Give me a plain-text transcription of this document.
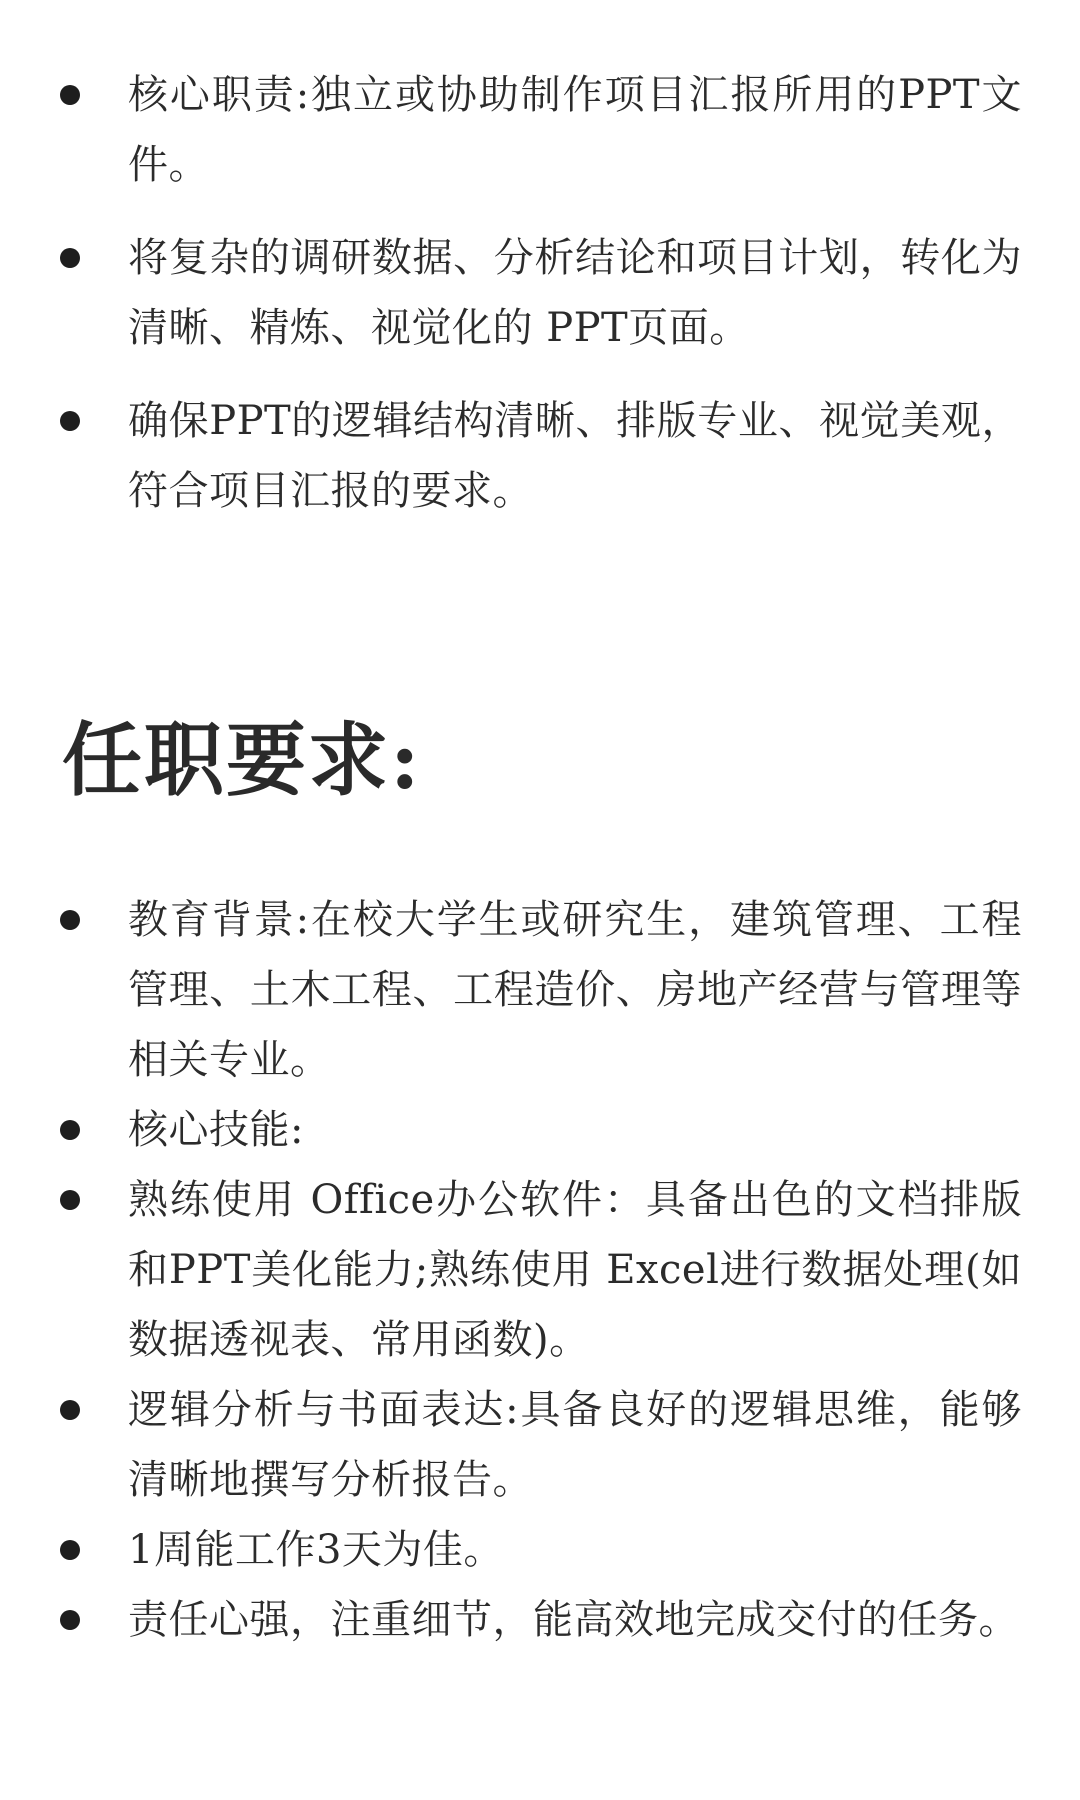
核心职责:独立或协助制作项目汇报所用的PPT文件。
将复杂的调研数据、分析结论和项目计划，转化为清晰、精炼、视觉化的 PPT页面。
确保PPT的逻辑结构清晰、排版专业、视觉美观，符合项目汇报的要求。
任职要求:
教育背景:在校大学生或研究生，建筑管理、工程管理、土木工程、工程造价、房地产经营与管理等相关专业。
核心技能:
熟练使用 Office办公软件：具备出色的文档排版和PPT美化能力;熟练使用 Excel进行数据处理(如数据透视表、常用函数)。
逻辑分析与书面表达:具备良好的逻辑思维，能够清晰地撰写分析报告。
1周能工作3天为佳。
责任心强，注重细节，能高效地完成交付的任务。
